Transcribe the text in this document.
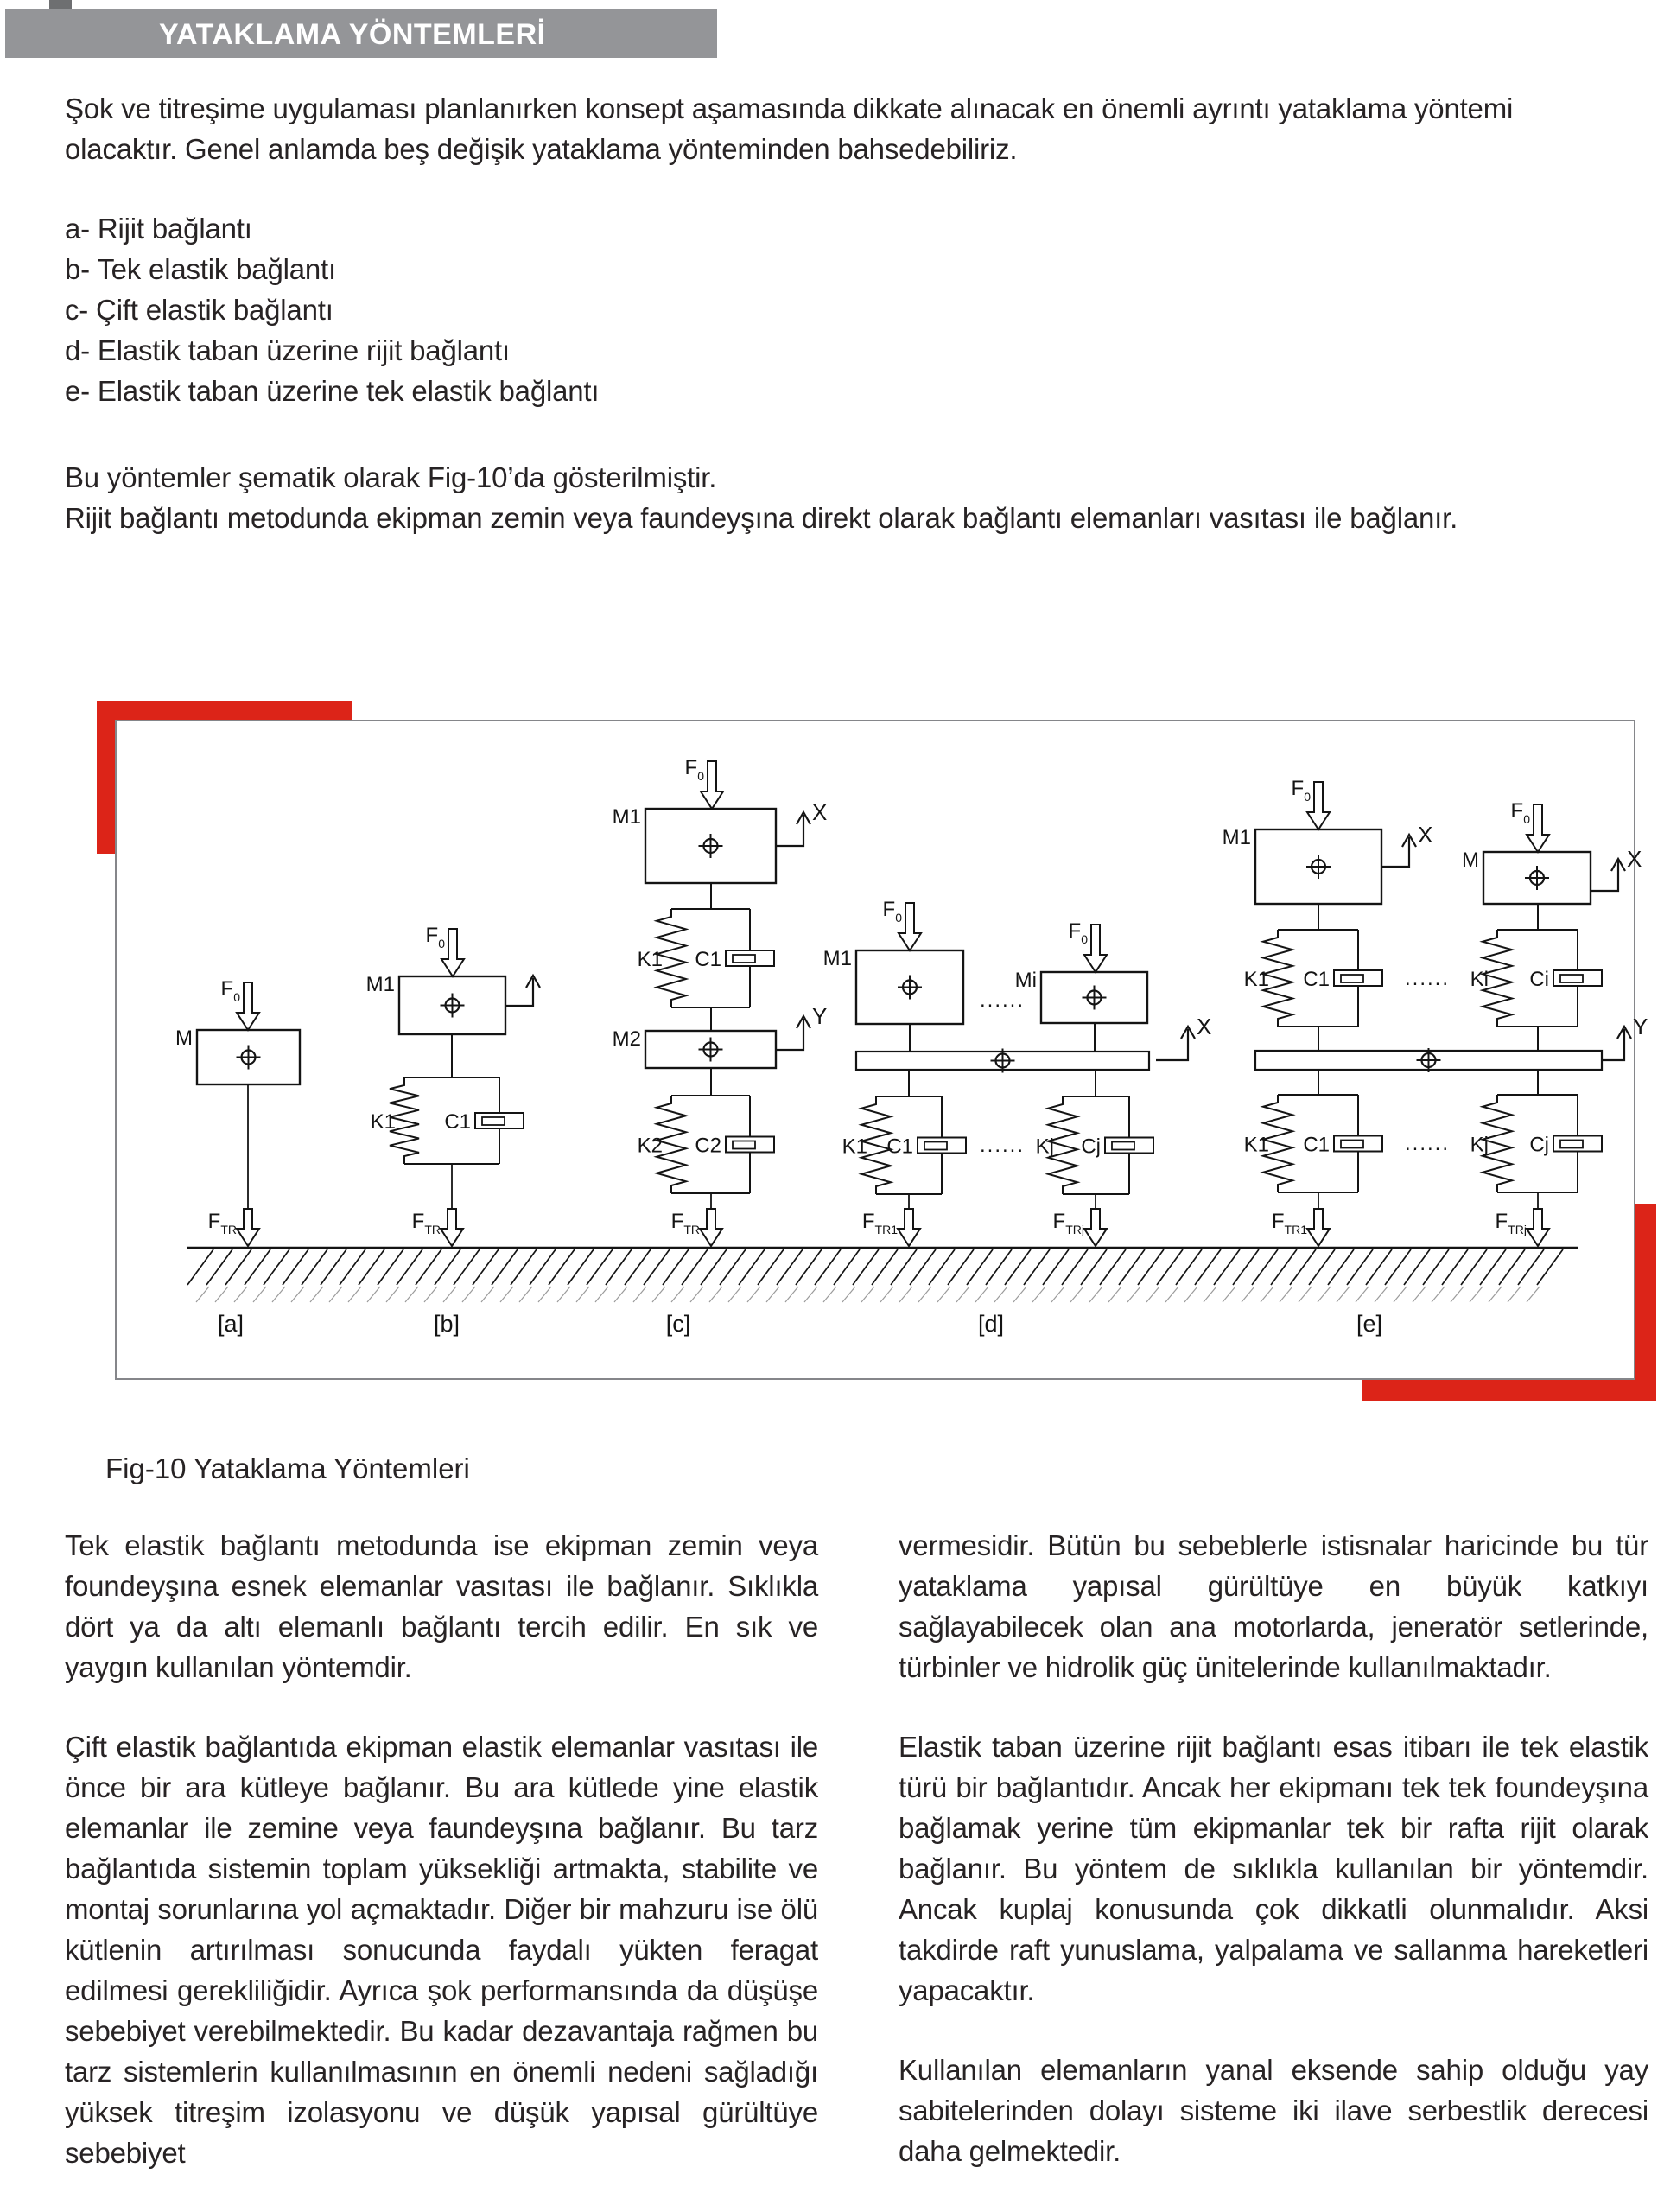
YATAKLAMA YÖNTEMLERİ
Şok ve titreşime uygulaması planlanırken konsept aşamasında dikkate alınacak en önemli ayrıntı yataklama yöntemi olacaktır. Genel anlamda beş değişik yataklama yönteminden bahsedebiliriz.
a- Rijit bağlantı
b- Tek elastik bağlantı
c- Çift elastik bağlantı
d- Elastik taban üzerine rijit bağlantı
e- Elastik taban üzerine tek elastik bağlantı
Bu yöntemler şematik olarak Fig-10’da gösterilmiştir.
Rijit bağlantı metodunda ekipman zemin veya faundeyşına direkt olarak bağlantı elemanları vasıtası ile bağlanır.
K1 C1
K1 C1
K2 C2	K1 C1	Kj Cj
K1 C1	Ki Ci
K1 C1	Kj Cj
M
M1
M1
M2
M1
Mi
M1
M
$F_0$
$F_0$
$F_0$
$F_0$
$F_0$
$F_0$
$F_0$
$F_{TR}$	$F_{TR}$	$F_{TR}$	$F_{TR1}$	$F_{TRj}$	$F_{TR1}$	$F_{TRj}$
X
Y	X
X
X
Y
......
......
......
......
[a]	[b]	[c]	[d]	[e]
Fig-10 Yataklama Yöntemleri

Tek elastik bağlantı metodunda ise ekipman zemin veya foundeyşına esnek elemanlar vasıtası ile bağlanır. Sıklıkla dört ya da altı elemanlı bağlantı tercih edilir. En sık ve yaygın kullanılan yöntemdir.

Çift elastik bağlantıda ekipman elastik elemanlar vasıtası ile önce bir ara kütleye bağlanır. Bu ara kütlede yine elastik elemanlar ile zemine veya faundeyşına bağlanır. Bu tarz bağlantıda sistemin toplam yüksekliği artmakta, stabilite ve montaj sorunlarına yol açmaktadır. Diğer bir mahzuru ise ölü kütlenin artırılması sonucunda faydalı yükten feragat edilmesi gerekliliğidir. Ayrıca şok performansında da düşüşe sebebiyet verebilmektedir. Bu kadar dezavantaja rağmen bu tarz sistemlerin kullanılmasının en önemli nedeni sağladığı yüksek titreşim izolasyonu ve düşük yapısal gürültüye sebebiyet

vermesidir. Bütün bu sebeblerle istisnalar haricinde bu tür yataklama yapısal gürültüye en büyük katkıyı sağlayabilecek olan ana motorlarda, jeneratör setlerinde, türbinler ve hidrolik güç ünitelerinde kullanılmaktadır.

Elastik taban üzerine rijit bağlantı esas itibarı ile tek elastik türü bir bağlantıdır. Ancak her ekipmanı tek tek foundeyşına bağlamak yerine tüm ekipmanlar tek bir rafta rijit olarak bağlanır. Bu yöntem de sıklıkla kullanılan bir yöntemdir. Ancak kuplaj konusunda çok dikkatli olunmalıdır. Aksi takdirde raft yunuslama, yalpalama ve sallanma hareketleri yapacaktır.

Kullanılan elemanların yanal eksende sahip olduğu yay sabitelerinden dolayı sisteme iki ilave serbestlik derecesi daha gelmektedir.
